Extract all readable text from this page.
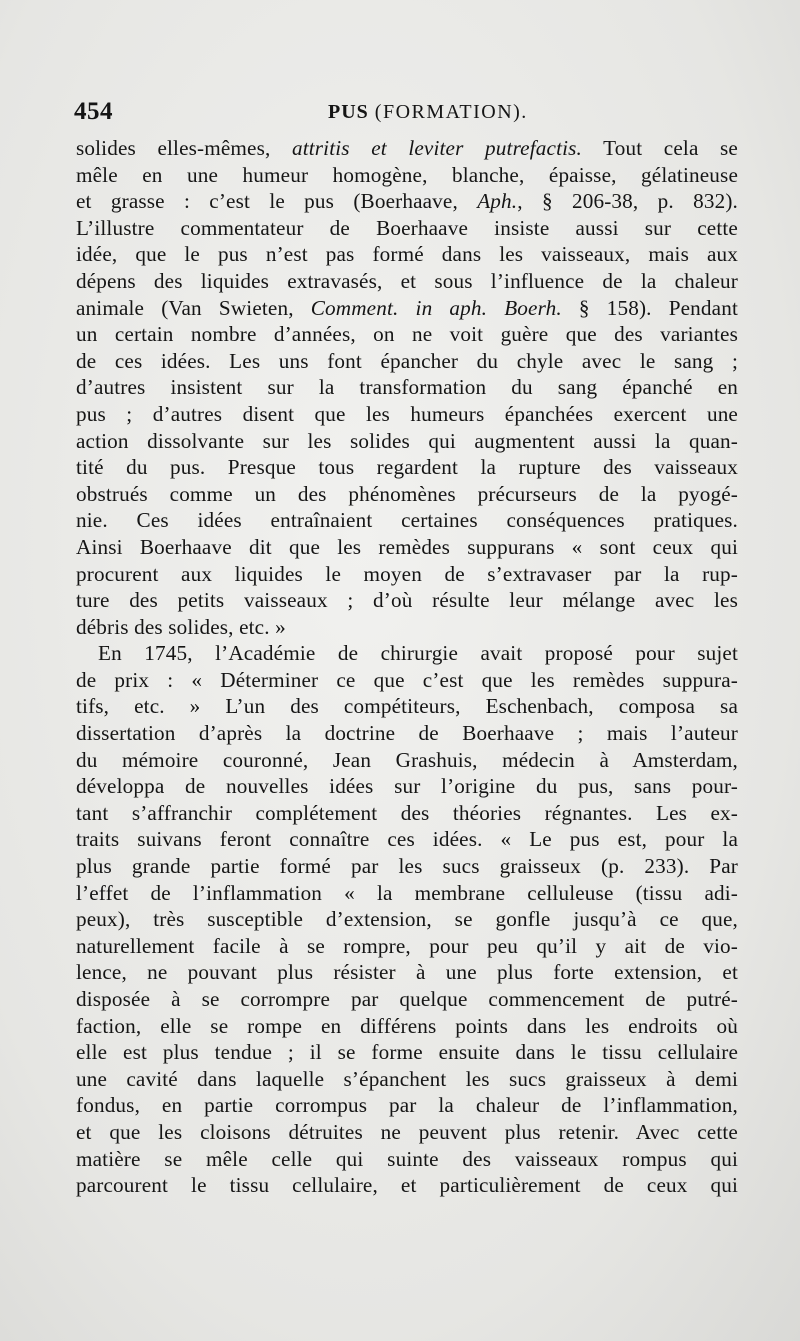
454	PUS (FORMATION).
solides elles-mêmes, attritis et leviter putrefactis. Tout cela se
mêle en une humeur homogène, blanche, épaisse, gélatineuse
et grasse : c’est le pus (Boerhaave, Aph., § 206-38, p. 832).
L’illustre commentateur de Boerhaave insiste aussi sur cette
idée, que le pus n’est pas formé dans les vaisseaux, mais aux
dépens des liquides extravasés, et sous l’influence de la chaleur
animale (Van Swieten, Comment. in aph. Boerh. § 158). Pendant
un certain nombre d’années, on ne voit guère que des variantes
de ces idées. Les uns font épancher du chyle avec le sang ;
d’autres insistent sur la transformation du sang épanché en
pus ; d’autres disent que les humeurs épanchées exercent une
action dissolvante sur les solides qui augmentent aussi la quan-
tité du pus. Presque tous regardent la rupture des vaisseaux
obstrués comme un des phénomènes précurseurs de la pyogé-
nie. Ces idées entraînaient certaines conséquences pratiques.
Ainsi Boerhaave dit que les remèdes suppurans « sont ceux qui
procurent aux liquides le moyen de s’extravaser par la rup-
ture des petits vaisseaux ; d’où résulte leur mélange avec les
débris des solides, etc. »
En 1745, l’Académie de chirurgie avait proposé pour sujet
de prix : « Déterminer ce que c’est que les remèdes suppura-
tifs, etc. » L’un des compétiteurs, Eschenbach, composa sa
dissertation d’après la doctrine de Boerhaave ; mais l’auteur
du mémoire couronné, Jean Grashuis, médecin à Amsterdam,
développa de nouvelles idées sur l’origine du pus, sans pour-
tant s’affranchir complétement des théories régnantes. Les ex-
traits suivans feront connaître ces idées. « Le pus est, pour la
plus grande partie formé par les sucs graisseux (p. 233). Par
l’effet de l’inflammation « la membrane celluleuse (tissu adi-
peux), très susceptible d’extension, se gonfle jusqu’à ce que,
naturellement facile à se rompre, pour peu qu’il y ait de vio-
lence, ne pouvant plus résister à une plus forte extension, et
disposée à se corrompre par quelque commencement de putré-
faction, elle se rompe en différens points dans les endroits où
elle est plus tendue ; il se forme ensuite dans le tissu cellulaire
une cavité dans laquelle s’épanchent les sucs graisseux à demi
fondus, en partie corrompus par la chaleur de l’inflammation,
et que les cloisons détruites ne peuvent plus retenir. Avec cette
matière se mêle celle qui suinte des vaisseaux rompus qui
parcourent le tissu cellulaire, et particulièrement de ceux qui
